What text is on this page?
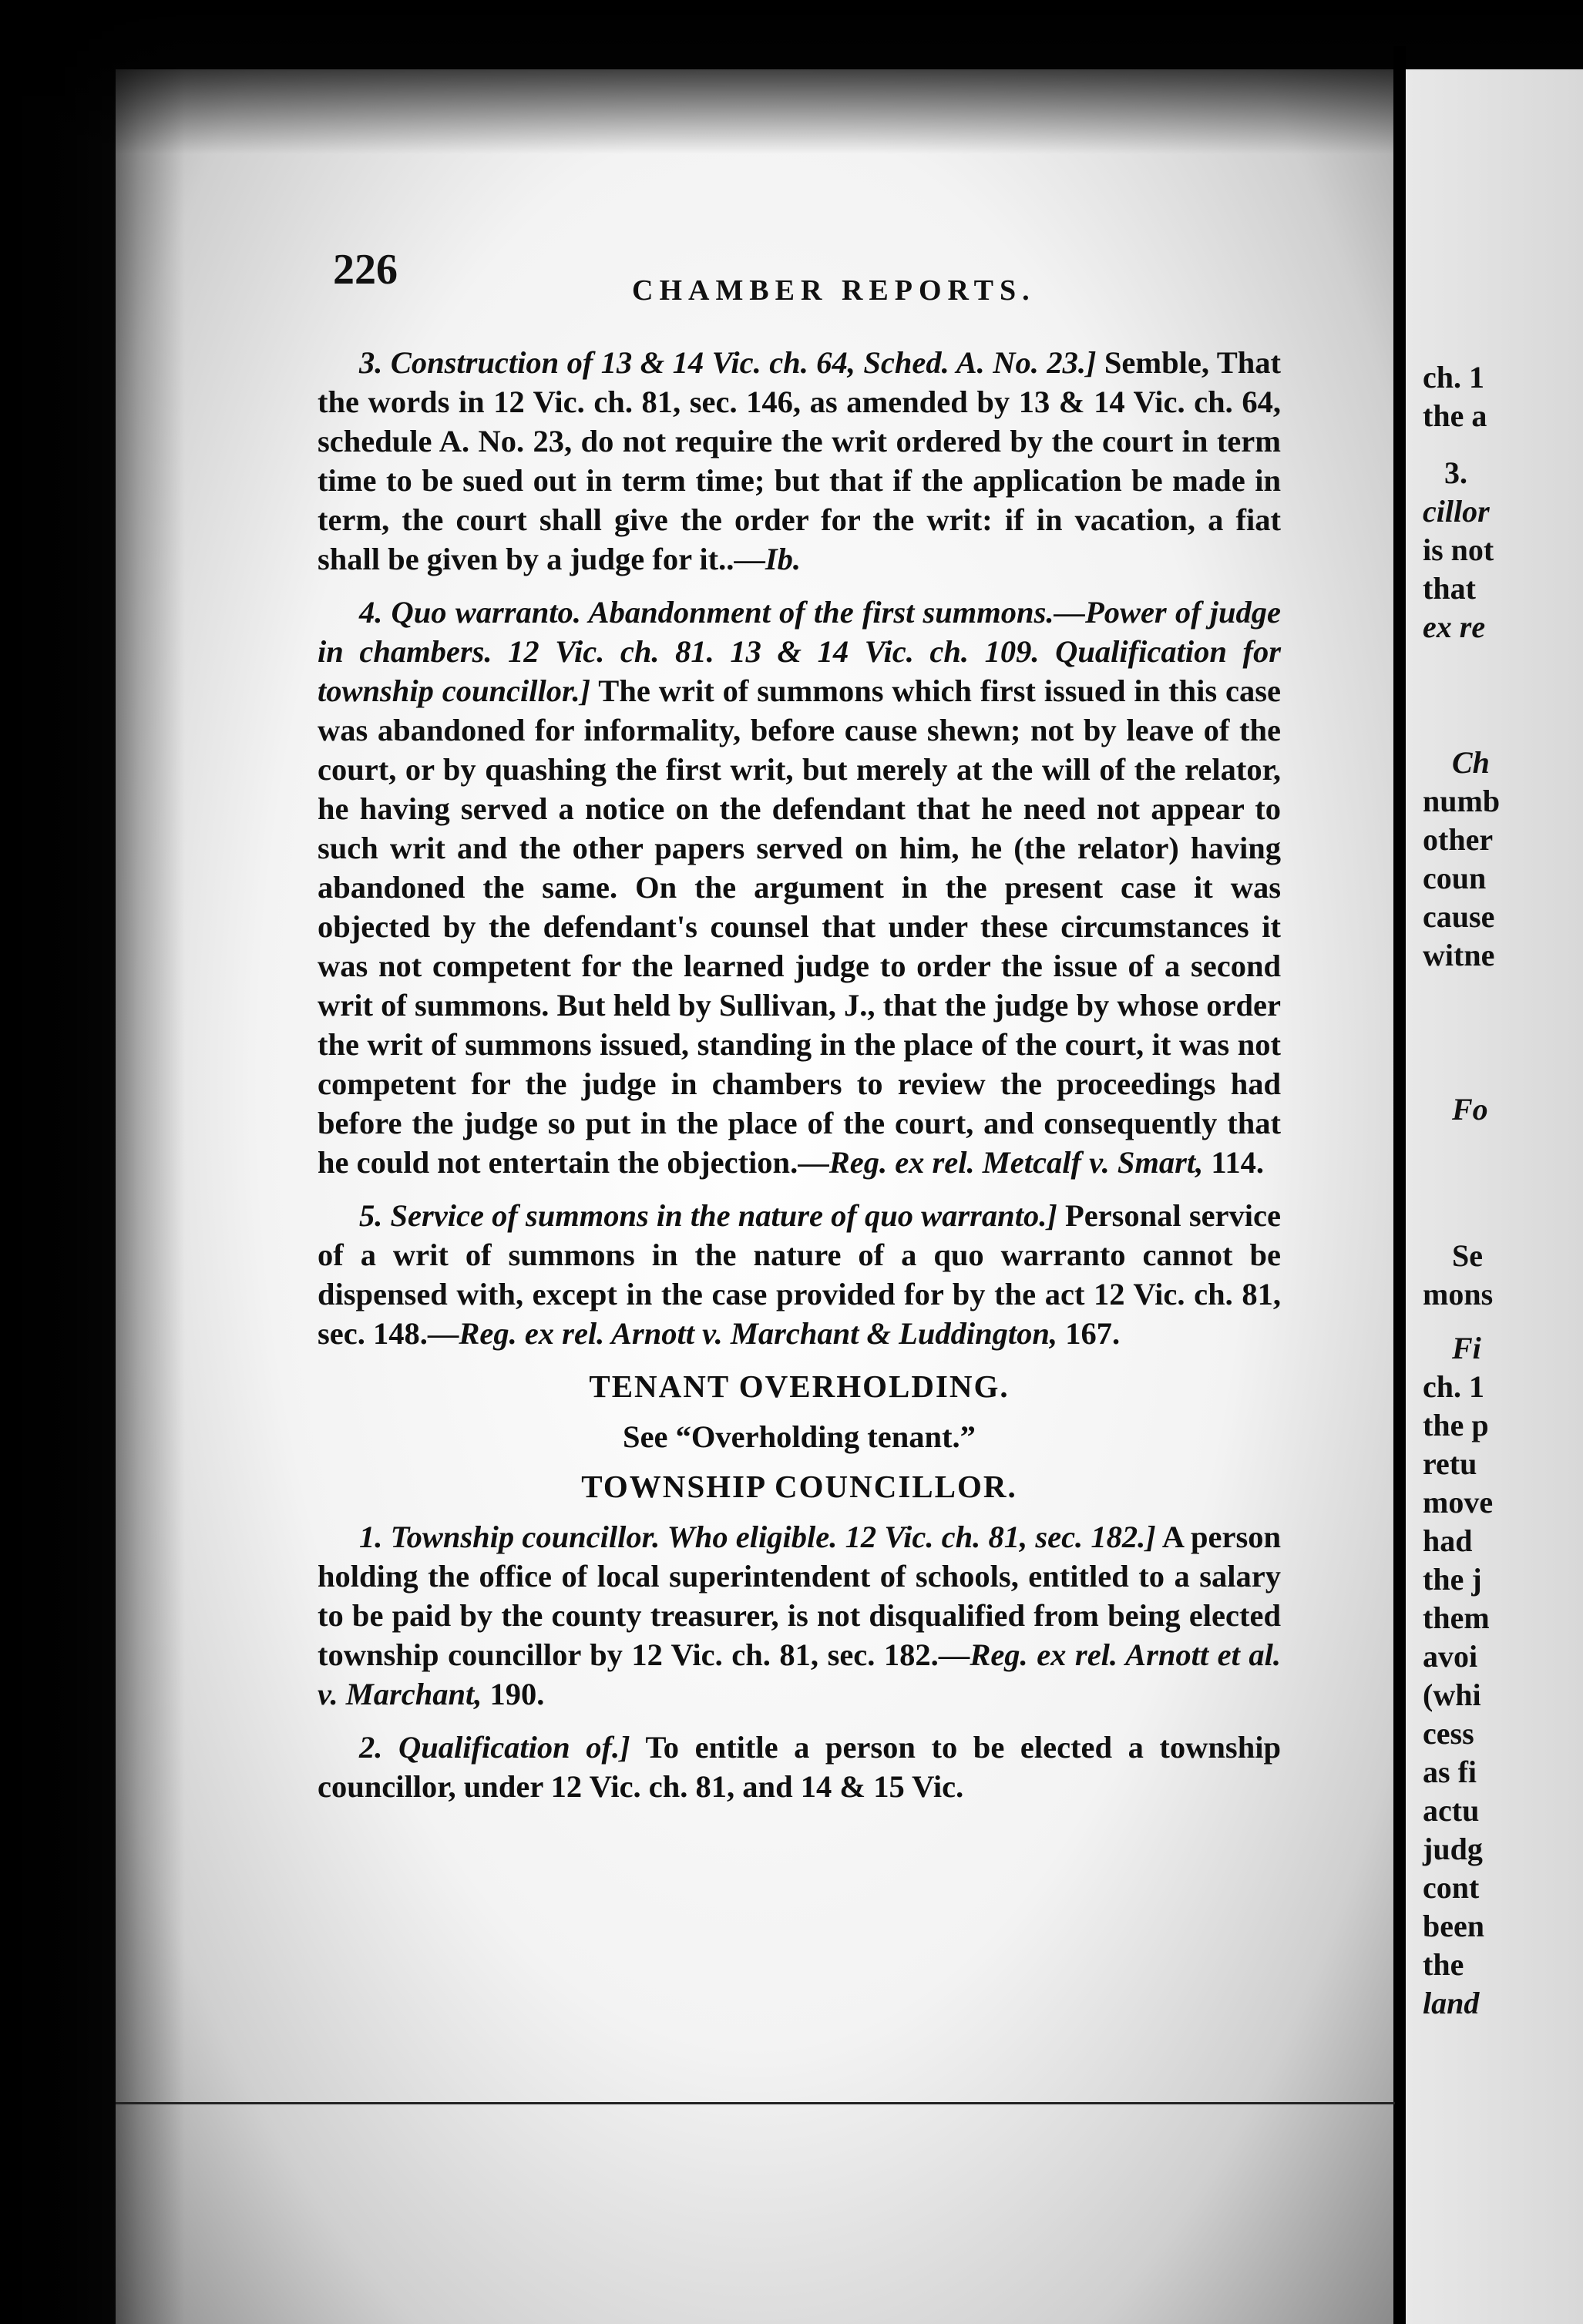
ch. 1
the a
3.
cillor
is not
that
ex re
Ch
numb
other
coun
cause
witne
Fo
Se
mons
Fi
ch. 1
the p
retu
move
had
the j
them
avoi
(whi
cess
as fi
actu
judg
cont
been
the
land
226	CHAMBER REPORTS.

3. Construction of 13 & 14 Vic. ch. 64, Sched. A. No. 23.] Semble, That the words in 12 Vic. ch. 81, sec. 146, as amended by 13 & 14 Vic. ch. 64, schedule A. No. 23, do not require the writ ordered by the court in term time to be sued out in term time; but that if the application be made in term, the court shall give the order for the writ: if in vacation, a fiat shall be given by a judge for it..—Ib.

4. Quo warranto. Abandonment of the first summons.—Power of judge in chambers. 12 Vic. ch. 81. 13 & 14 Vic. ch. 109. Qualification for township councillor.] The writ of summons which first issued in this case was abandoned for informality, before cause shewn; not by leave of the court, or by quashing the first writ, but merely at the will of the relator, he having served a notice on the defendant that he need not appear to such writ and the other papers served on him, he (the relator) having abandoned the same. On the argument in the present case it was objected by the defendant's counsel that under these circumstances it was not competent for the learned judge to order the issue of a second writ of summons. But held by Sullivan, J., that the judge by whose order the writ of summons issued, standing in the place of the court, it was not competent for the judge in chambers to review the proceedings had before the judge so put in the place of the court, and consequently that he could not entertain the objection.—Reg. ex rel. Metcalf v. Smart, 114.

5. Service of summons in the nature of quo warranto.] Personal service of a writ of summons in the nature of a quo warranto cannot be dispensed with, except in the case provided for by the act 12 Vic. ch. 81, sec. 148.—Reg. ex rel. Arnott v. Marchant & Luddington, 167.

TENANT OVERHOLDING.

See “Overholding tenant.”

TOWNSHIP COUNCILLOR.

1. Township councillor. Who eligible. 12 Vic. ch. 81, sec. 182.] A person holding the office of local superintendent of schools, entitled to a salary to be paid by the county treasurer, is not disqualified from being elected township councillor by 12 Vic. ch. 81, sec. 182.—Reg. ex rel. Arnott et al. v. Marchant, 190.

2. Qualification of.] To entitle a person to be elected a township councillor, under 12 Vic. ch. 81, and 14 & 15 Vic.
